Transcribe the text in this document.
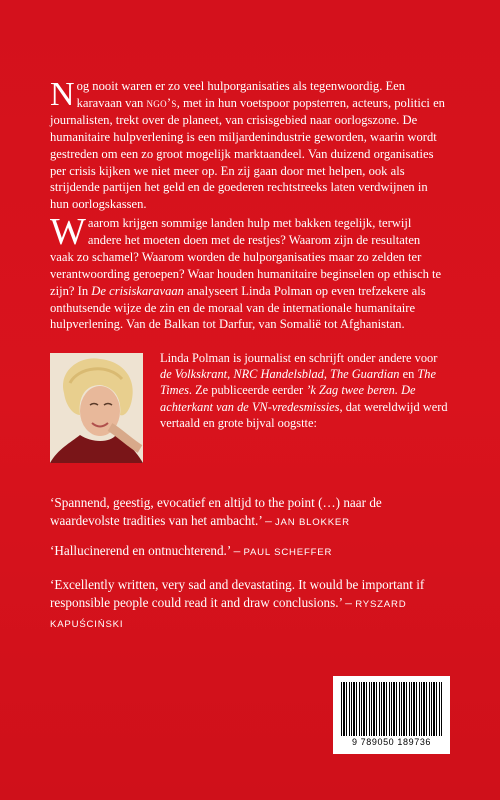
Nog nooit waren er zo veel hulporganisaties als tegenwoordig. Een karavaan van ngo’s, met in hun voetspoor popsterren, acteurs, politici en journalisten, trekt over de planeet, van crisisgebied naar oorlogszone. De humanitaire hulpverlening is een miljardenindustrie geworden, waarin wordt gestreden om een zo groot mogelijk marktaandeel. Van duizend organisaties per crisis kijken we niet meer op. En zij gaan door met helpen, ook als strijdende partijen het geld en de goederen rechtstreeks laten verdwijnen in hun oorlogskassen.

Waarom krijgen sommige landen hulp met bakken tegelijk, terwijl andere het moeten doen met de restjes? Waarom zijn de resultaten vaak zo schamel? Waarom worden de hulporganisaties maar zo zelden ter verantwoording geroepen? Waar houden humanitaire beginselen op ethisch te zijn? In De crisiskaravaan analyseert Linda Polman op even trefzekere als onthutsende wijze de zin en de moraal van de internationale humanitaire hulpverlening. Van de Balkan tot Darfur, van Somalië tot Afghanistan.

Linda Polman is journalist en schrijft onder andere voor de Volkskrant, NRC Handelsblad, The Guardian en The Times. Ze publiceerde eerder ’k Zag twee beren. De achterkant van de VN-vredesmissies, dat wereldwijd werd vertaald en grote bijval oogstte:

‘Spannend, geestig, evocatief en altijd to the point (…) naar de waardevolste tradities van het ambacht.’ – JAN BLOKKER

‘Hallucinerend en ontnuchterend.’ – PAUL SCHEFFER

‘Excellently written, very sad and devastating. It would be important if responsible people could read it and draw conclusions.’ – RYSZARD KAPUŚCIŃSKI

9 789050 189736
